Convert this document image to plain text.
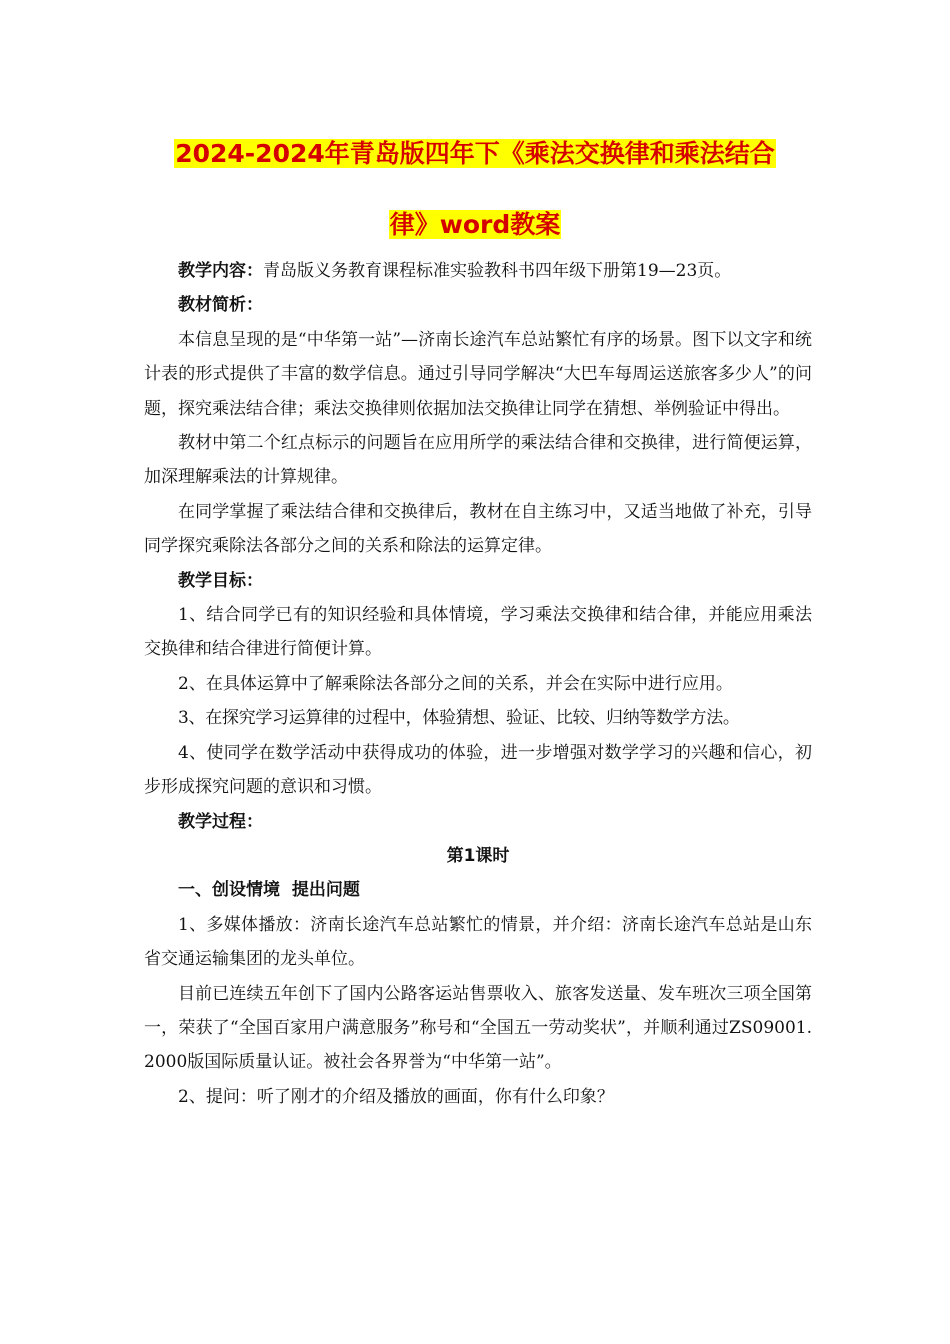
2024-2024年青岛版四年下《乘法交换律和乘法结合
律》word教案

教学内容：青岛版义务教育课程标准实验教科书四年级下册第19—23页。

教材简析：

本信息呈现的是“中华第一站”—济南长途汽车总站繁忙有序的场景。图下以文字和统计表的形式提供了丰富的数学信息。通过引导同学解决“大巴车每周运送旅客多少人”的问题，探究乘法结合律；乘法交换律则依据加法交换律让同学在猜想、举例验证中得出。

教材中第二个红点标示的问题旨在应用所学的乘法结合律和交换律，进行简便运算，加深理解乘法的计算规律。

在同学掌握了乘法结合律和交换律后，教材在自主练习中，又适当地做了补充，引导同学探究乘除法各部分之间的关系和除法的运算定律。

教学目标：

1、结合同学已有的知识经验和具体情境，学习乘法交换律和结合律，并能应用乘法交换律和结合律进行简便计算。

2、在具体运算中了解乘除法各部分之间的关系，并会在实际中进行应用。

3、在探究学习运算律的过程中，体验猜想、验证、比较、归纳等数学方法。

4、使同学在数学活动中获得成功的体验，进一步增强对数学学习的兴趣和信心，初步形成探究问题的意识和习惯。

教学过程：

第1课时

一、创设情境  提出问题

1、多媒体播放：济南长途汽车总站繁忙的情景，并介绍：济南长途汽车总站是山东省交通运输集团的龙头单位。

目前已连续五年创下了国内公路客运站售票收入、旅客发送量、发车班次三项全国第一，荣获了“全国百家用户满意服务”称号和“全国五一劳动奖状”，并顺利通过ZS09001.2000版国际质量认证。被社会各界誉为“中华第一站”。

2、提问：听了刚才的介绍及播放的画面，你有什么印象？
